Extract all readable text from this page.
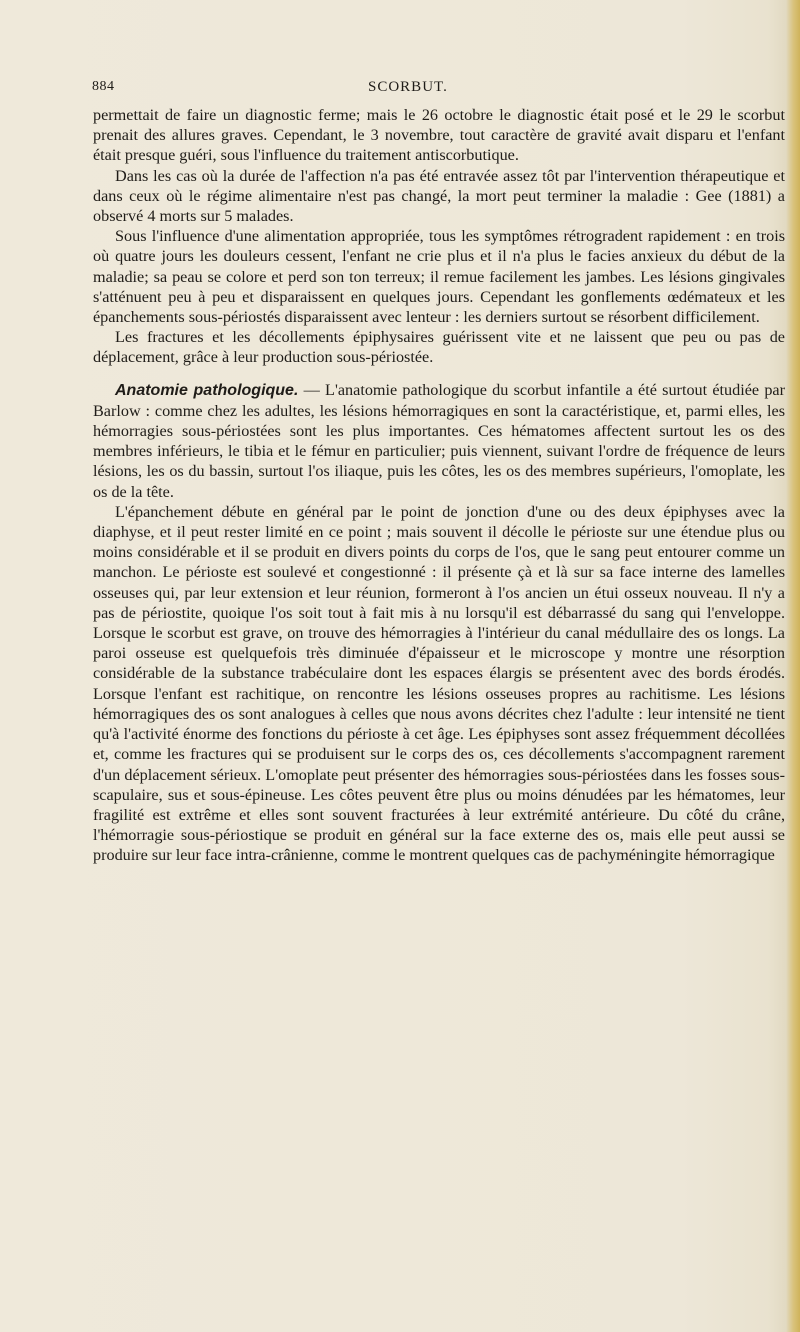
884	SCORBUT.

permettait de faire un diagnostic ferme; mais le 26 octobre le diagnostic était posé et le 29 le scorbut prenait des allures graves. Cependant, le 3 novembre, tout caractère de gravité avait disparu et l'enfant était presque guéri, sous l'influence du traitement antiscorbutique.

Dans les cas où la durée de l'affection n'a pas été entravée assez tôt par l'intervention thérapeutique et dans ceux où le régime alimentaire n'est pas changé, la mort peut terminer la maladie : Gee (1881) a observé 4 morts sur 5 malades.

Sous l'influence d'une alimentation appropriée, tous les symptômes rétrogradent rapidement : en trois où quatre jours les douleurs cessent, l'enfant ne crie plus et il n'a plus le facies anxieux du début de la maladie; sa peau se colore et perd son ton terreux; il remue facilement les jambes. Les lésions gingivales s'atténuent peu à peu et disparaissent en quelques jours. Cependant les gonflements œdémateux et les épanchements sous-périostés disparaissent avec lenteur : les derniers surtout se résorbent difficilement.

Les fractures et les décollements épiphysaires guérissent vite et ne laissent que peu ou pas de déplacement, grâce à leur production sous-périostée.

Anatomie pathologique. — L'anatomie pathologique du scorbut infantile a été surtout étudiée par Barlow : comme chez les adultes, les lésions hémorragiques en sont la caractéristique, et, parmi elles, les hémorragies sous-périostées sont les plus importantes. Ces hématomes affectent surtout les os des membres inférieurs, le tibia et le fémur en particulier; puis viennent, suivant l'ordre de fréquence de leurs lésions, les os du bassin, surtout l'os iliaque, puis les côtes, les os des membres supérieurs, l'omoplate, les os de la tête.

L'épanchement débute en général par le point de jonction d'une ou des deux épiphyses avec la diaphyse, et il peut rester limité en ce point ; mais souvent il décolle le périoste sur une étendue plus ou moins considérable et il se produit en divers points du corps de l'os, que le sang peut entourer comme un manchon. Le périoste est soulevé et congestionné : il présente çà et là sur sa face interne des lamelles osseuses qui, par leur extension et leur réunion, formeront à l'os ancien un étui osseux nouveau. Il n'y a pas de périostite, quoique l'os soit tout à fait mis à nu lorsqu'il est débarrassé du sang qui l'enveloppe. Lorsque le scorbut est grave, on trouve des hémorragies à l'intérieur du canal médullaire des os longs. La paroi osseuse est quelquefois très diminuée d'épaisseur et le microscope y montre une résorption considérable de la substance trabéculaire dont les espaces élargis se présentent avec des bords érodés. Lorsque l'enfant est rachitique, on rencontre les lésions osseuses propres au rachitisme. Les lésions hémorragiques des os sont analogues à celles que nous avons décrites chez l'adulte : leur intensité ne tient qu'à l'activité énorme des fonctions du périoste à cet âge. Les épiphyses sont assez fréquemment décollées et, comme les fractures qui se produisent sur le corps des os, ces décollements s'accompagnent rarement d'un déplacement sérieux. L'omoplate peut présenter des hémorragies sous-périostées dans les fosses sous-scapulaire, sus et sous-épineuse. Les côtes peuvent être plus ou moins dénudées par les hématomes, leur fragilité est extrême et elles sont souvent fracturées à leur extrémité antérieure. Du côté du crâne, l'hémorragie sous-périostique se produit en général sur la face externe des os, mais elle peut aussi se produire sur leur face intra-crânienne, comme le montrent quelques cas de pachyméningite hémorragique
